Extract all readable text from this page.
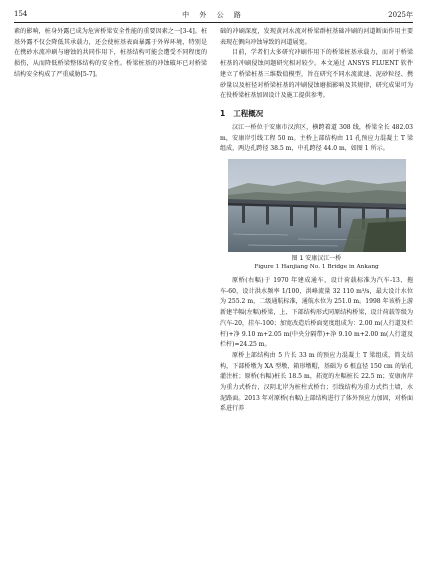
154	中 外 公 路	2025年

素的影响，桩身外露已成为危害桥梁安全性能的重要因素之一[3-4]。桩基外露不仅会降低其承载力，还会使桩基表面暴露于外界环境，特别是在携砂水流冲刷与磨蚀的共同作用下，桩基结构可能会遭受不同程度的损伤，从而降低桥梁整体结构的安全性。桥梁桩基的冲蚀破坏已对桥梁结构安全构成了严重威胁[5-7]。

础的冲刷深度，发现黄河水流对桥梁群桩基础冲刷的河道断面作用主要表现在侧向冲蚀导致的河道展宽。

目前，学者们大多研究冲刷作用下的桥梁桩基承载力，而对于桥梁桩基的冲刷侵蚀问题研究相对较少。本文通过 ANSYS FLUENT 软件建立了桥梁桩基三维数值模型，旨在研究不同水流流速、泥砂粒径、携砂量以及桩径对桥梁桩基的冲刷侵蚀磨损影响及其规律，研究成果可为在役桥梁桩基加固设计及施工提供参考。

1 工程概况

汉江一桥位于安康市汉滨区，横跨着道 308 线，桥梁全长 482.03 m，安康岸引线工程 50 m。主桥上部结构由 11 孔预应力混凝土 T 梁组成，两边孔跨径 38.5 m，中孔跨径 44.0 m，如图 1 所示。

图 1 安康汉江一桥
Figure 1 Hanjiang No. 1 Bridge in Ankang

原桥(右幅)于 1970 年建成通车，设计荷载标准为汽车-13、拖车-60，设计洪水频率 1/100，洪峰流量 32 110 m³/s，最大设计水位为 255.2 m，二级通航标准，通航水位为 251.0 m。1998 年该桥上游新建半幅(左幅)桥梁，上、下部结构形式同原结构桥梁，设计荷载等级为汽车-20，挂车-100；加宽改造后桥面宽度组成为：2.00 m(人行道及栏杆)+净 9.10 m+2.05 m(中央分隔带)+净 9.10 m+2.00 m(人行道及栏杆)=24.25 m。

原桥上部结构由 5 片长 33 m 的预应力混凝土 T 梁组成，简支结构，下部桥墩为 XA 型墩，箱形墩帽，基础为 6 根直径 150 cm 的钻孔灌注桩；原桥(右幅)桩长 18.5 m，拓宽的左幅桩长 22.5 m；安康南岸为重力式桥台，汉阴北岸为桩柱式桥台；引线结构为重力式挡土墙，水泥路面。2013 年对原桥(右幅)上部结构进行了体外预应力加固，对桥面系进行养
